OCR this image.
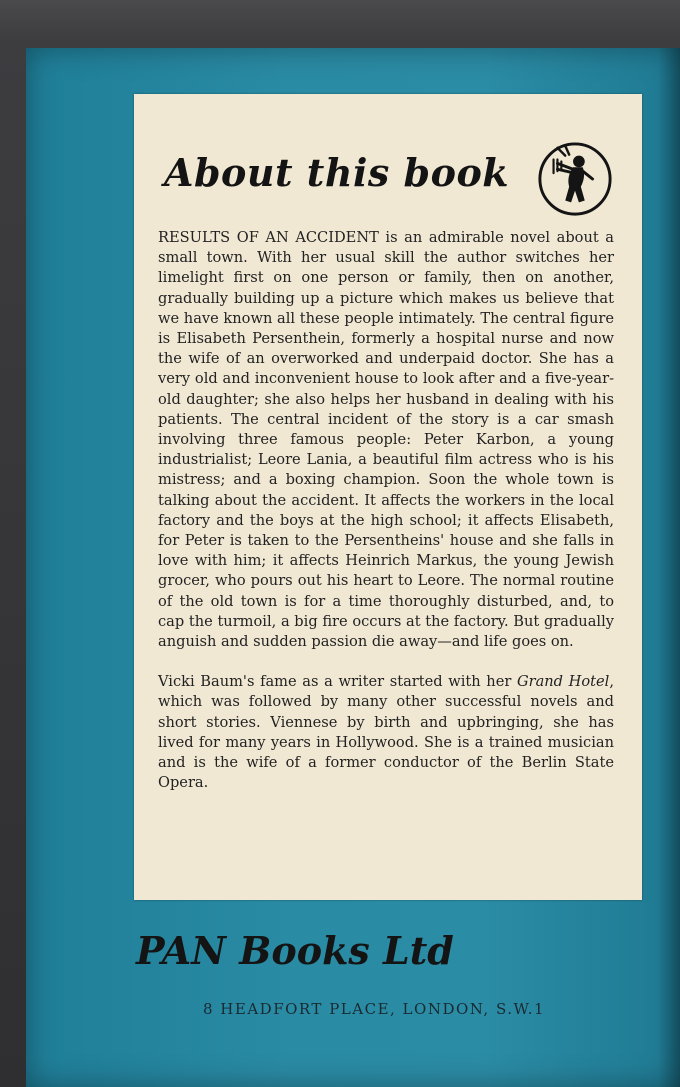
About this book

RESULTS OF AN ACCIDENT is an admirable novel about a small town. With her usual skill the author switches her limelight first on one person or family, then on another, gradually building up a picture which makes us believe that we have known all these people intimately. The central figure is Elisabeth Persenthein, formerly a hospital nurse and now the wife of an overworked and underpaid doctor. She has a very old and inconvenient house to look after and a five-year-old daughter; she also helps her husband in dealing with his patients. The central incident of the story is a car smash involving three famous people: Peter Karbon, a young industrialist; Leore Lania, a beautiful film actress who is his mistress; and a boxing champion. Soon the whole town is talking about the accident. It affects the workers in the local factory and the boys at the high school; it affects Elisabeth, for Peter is taken to the Persentheins' house and she falls in love with him; it affects Heinrich Markus, the young Jewish grocer, who pours out his heart to Leore. The normal routine of the old town is for a time thoroughly disturbed, and, to cap the turmoil, a big fire occurs at the factory. But gradually anguish and sudden passion die away—and life goes on.

Vicki Baum's fame as a writer started with her Grand Hotel, which was followed by many other successful novels and short stories. Viennese by birth and upbringing, she has lived for many years in Hollywood. She is a trained musician and is the wife of a former conductor of the Berlin State Opera.

PAN Books Ltd

8 HEADFORT PLACE, LONDON, S.W.1
